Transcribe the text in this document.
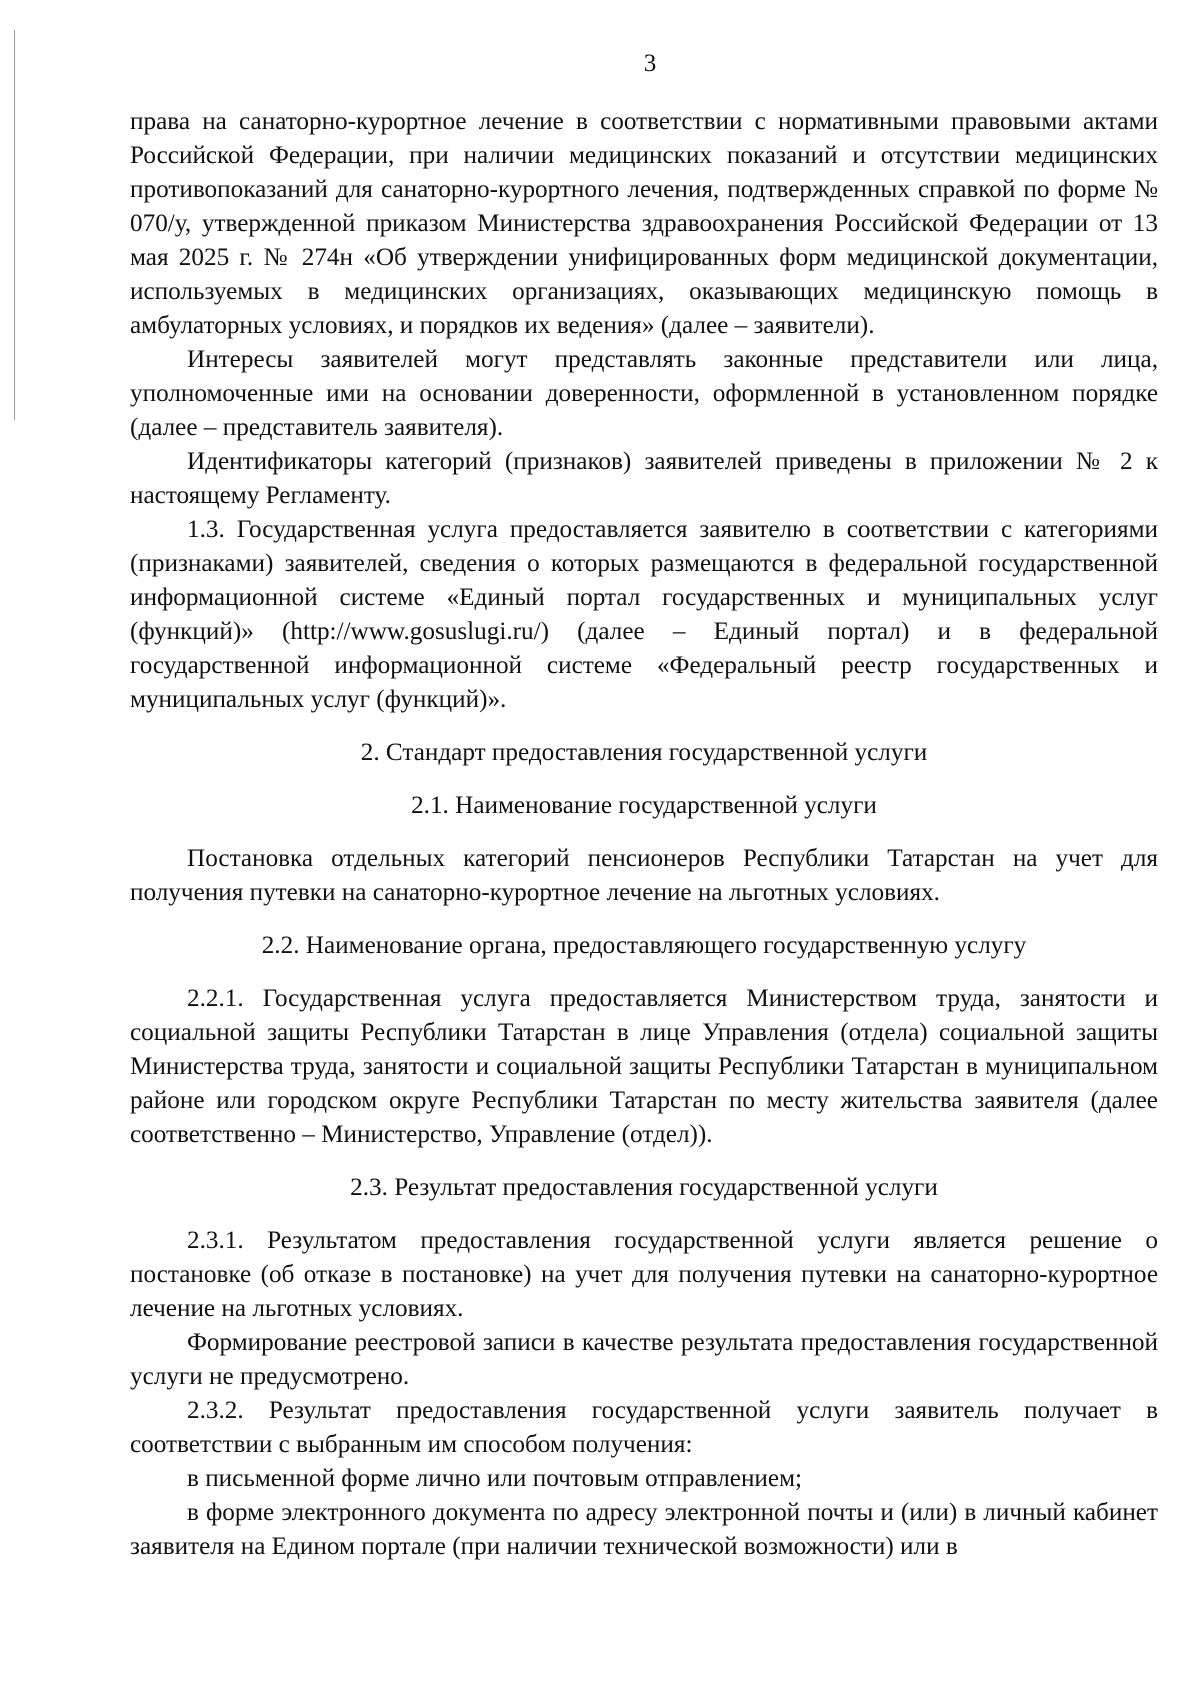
3

права на санаторно-курортное лечение в соответствии с нормативными правовыми актами Российской Федерации, при наличии медицинских показаний и отсутствии медицинских противопоказаний для санаторно-курортного лечения, подтвержденных справкой по форме № 070/у, утвержденной приказом Министерства здравоохранения Российской Федерации от 13 мая 2025 г. № 274н «Об утверждении унифицированных форм медицинской документации, используемых в медицинских организациях, оказывающих медицинскую помощь в амбулаторных условиях, и порядков их ведения» (далее – заявители).

Интересы заявителей могут представлять законные представители или лица, уполномоченные ими на основании доверенности, оформленной в установленном порядке (далее – представитель заявителя).

Идентификаторы категорий (признаков) заявителей приведены в приложении № 2 к настоящему Регламенту.

1.3. Государственная услуга предоставляется заявителю в соответствии с категориями (признаками) заявителей, сведения о которых размещаются в федеральной государственной информационной системе «Единый портал государственных и муниципальных услуг (функций)» (http://www.gosuslugi.ru/) (далее – Единый портал) и в федеральной государственной информационной системе «Федеральный реестр государственных и муниципальных услуг (функций)».

2. Стандарт предоставления государственной услуги

2.1. Наименование государственной услуги

Постановка отдельных категорий пенсионеров Республики Татарстан на учет для получения путевки на санаторно-курортное лечение на льготных условиях.

2.2. Наименование органа, предоставляющего государственную услугу

2.2.1. Государственная услуга предоставляется Министерством труда, занятости и социальной защиты Республики Татарстан в лице Управления (отдела) социальной защиты Министерства труда, занятости и социальной защиты Республики Татарстан в муниципальном районе или городском округе Республики Татарстан по месту жительства заявителя (далее соответственно – Министерство, Управление (отдел)).

2.3. Результат предоставления государственной услуги

2.3.1. Результатом предоставления государственной услуги является решение о постановке (об отказе в постановке) на учет для получения путевки на санаторно-курортное лечение на льготных условиях.

Формирование реестровой записи в качестве результата предоставления государственной услуги не предусмотрено.

2.3.2. Результат предоставления государственной услуги заявитель получает в соответствии с выбранным им способом получения:

в письменной форме лично или почтовым отправлением;

в форме электронного документа по адресу электронной почты и (или) в личный кабинет заявителя на Едином портале (при наличии технической возможности) или в
